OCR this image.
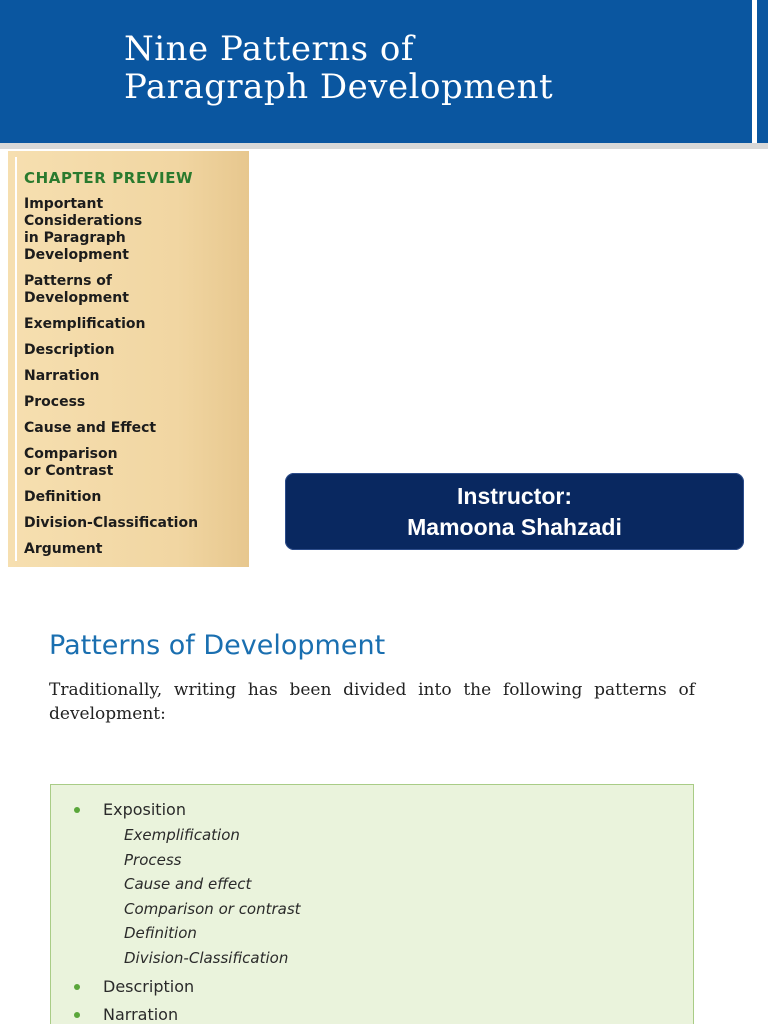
Nine Patterns of
Paragraph Development
CHAPTER PREVIEW
Important
Considerations
in Paragraph
Development
Patterns of
Development
Exemplification
Description
Narration
Process
Cause and Effect
Comparison
or Contrast
Definition
Division-Classification
Argument

Instructor:

Mamoona Shahzadi

Patterns of Development

Traditionally, writing has been divided into the following patterns of development:

Exposition
Exemplification
Process
Cause and effect
Comparison or contrast
Definition
Division-Classification
Description
Narration
